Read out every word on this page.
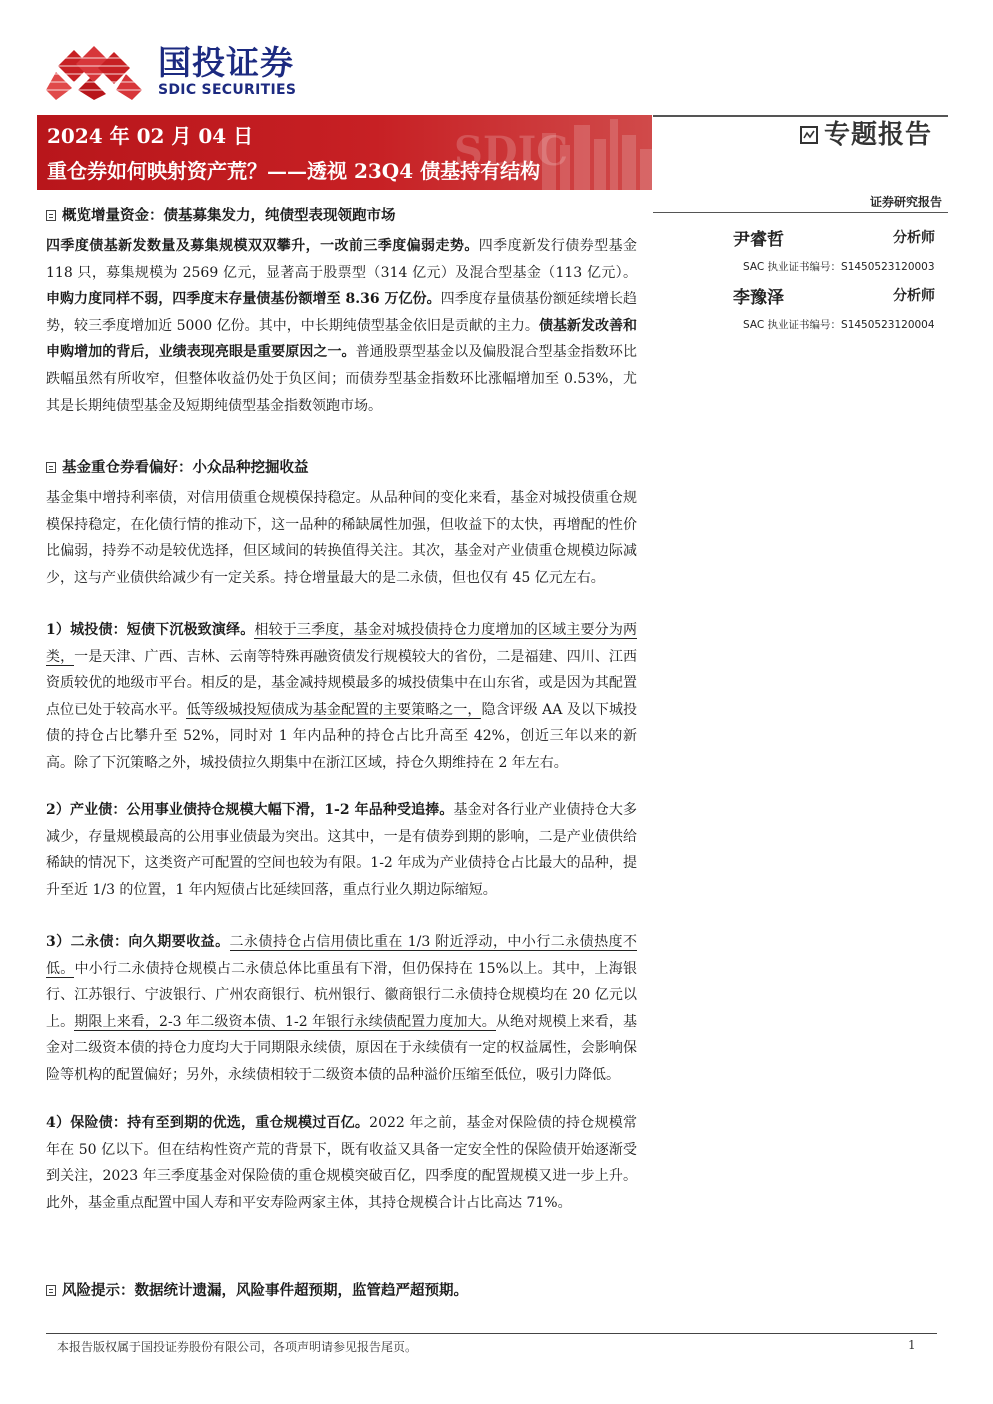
国投证券
SDIC SECURITIES
SDIC
2024 年 02 月 04 日
重仓券如何映射资产荒？——透视 23Q4 债基持有结构
专题报告
证券研究报告
尹睿哲	分析师
SAC 执业证书编号：S1450523120003
李豫泽	分析师
SAC 执业证书编号：S1450523120004
概览增量资金：债基募集发力，纯债型表现领跑市场
四季度债基新发数量及募集规模双双攀升，一改前三季度偏弱走势。四季度新发行债券型基金 118 只，募集规模为 2569 亿元，显著高于股票型（314 亿元）及混合型基金（113 亿元）。申购力度同样不弱，四季度末存量债基份额增至 8.36 万亿份。四季度存量债基份额延续增长趋势，较三季度增加近 5000 亿份。其中，中长期纯债型基金依旧是贡献的主力。债基新发改善和申购增加的背后，业绩表现亮眼是重要原因之一。普通股票型基金以及偏股混合型基金指数环比跌幅虽然有所收窄，但整体收益仍处于负区间；而债券型基金指数环比涨幅增加至 0.53%，尤其是长期纯债型基金及短期纯债型基金指数领跑市场。
基金重仓券看偏好：小众品种挖掘收益
基金集中增持利率债，对信用债重仓规模保持稳定。从品种间的变化来看，基金对城投债重仓规模保持稳定，在化债行情的推动下，这一品种的稀缺属性加强，但收益下的太快，再增配的性价比偏弱，持券不动是较优选择，但区域间的转换值得关注。其次，基金对产业债重仓规模边际减少，这与产业债供给减少有一定关系。持仓增量最大的是二永债，但也仅有 45 亿元左右。
1）城投债：短债下沉极致演绎。相较于三季度，基金对城投债持仓力度增加的区域主要分为两类，一是天津、广西、吉林、云南等特殊再融资债发行规模较大的省份，二是福建、四川、江西资质较优的地级市平台。相反的是，基金减持规模最多的城投债集中在山东省，或是因为其配置点位已处于较高水平。低等级城投短债成为基金配置的主要策略之一，隐含评级 AA 及以下城投债的持仓占比攀升至 52%，同时对 1 年内品种的持仓占比升高至 42%，创近三年以来的新高。除了下沉策略之外，城投债拉久期集中在浙江区域，持仓久期维持在 2 年左右。
2）产业债：公用事业债持仓规模大幅下滑，1-2 年品种受追捧。基金对各行业产业债持仓大多减少，存量规模最高的公用事业债最为突出。这其中，一是有债券到期的影响，二是产业债供给稀缺的情况下，这类资产可配置的空间也较为有限。1-2 年成为产业债持仓占比最大的品种，提升至近 1/3 的位置，1 年内短债占比延续回落，重点行业久期边际缩短。
3）二永债：向久期要收益。二永债持仓占信用债比重在 1/3 附近浮动，中小行二永债热度不低。中小行二永债持仓规模占二永债总体比重虽有下滑，但仍保持在 15%以上。其中，上海银行、江苏银行、宁波银行、广州农商银行、杭州银行、徽商银行二永债持仓规模均在 20 亿元以上。期限上来看，2-3 年二级资本债、1-2 年银行永续债配置力度加大。从绝对规模上来看，基金对二级资本债的持仓力度均大于同期限永续债，原因在于永续债有一定的权益属性，会影响保险等机构的配置偏好；另外，永续债相较于二级资本债的品种溢价压缩至低位，吸引力降低。
4）保险债：持有至到期的优选，重仓规模过百亿。2022 年之前，基金对保险债的持仓规模常年在 50 亿以下。但在结构性资产荒的背景下，既有收益又具备一定安全性的保险债开始逐渐受到关注，2023 年三季度基金对保险债的重仓规模突破百亿，四季度的配置规模又进一步上升。此外，基金重点配置中国人寿和平安寿险两家主体，其持仓规模合计占比高达 71%。
风险提示：数据统计遗漏，风险事件超预期，监管趋严超预期。
本报告版权属于国投证券股份有限公司，各项声明请参见报告尾页。	1
